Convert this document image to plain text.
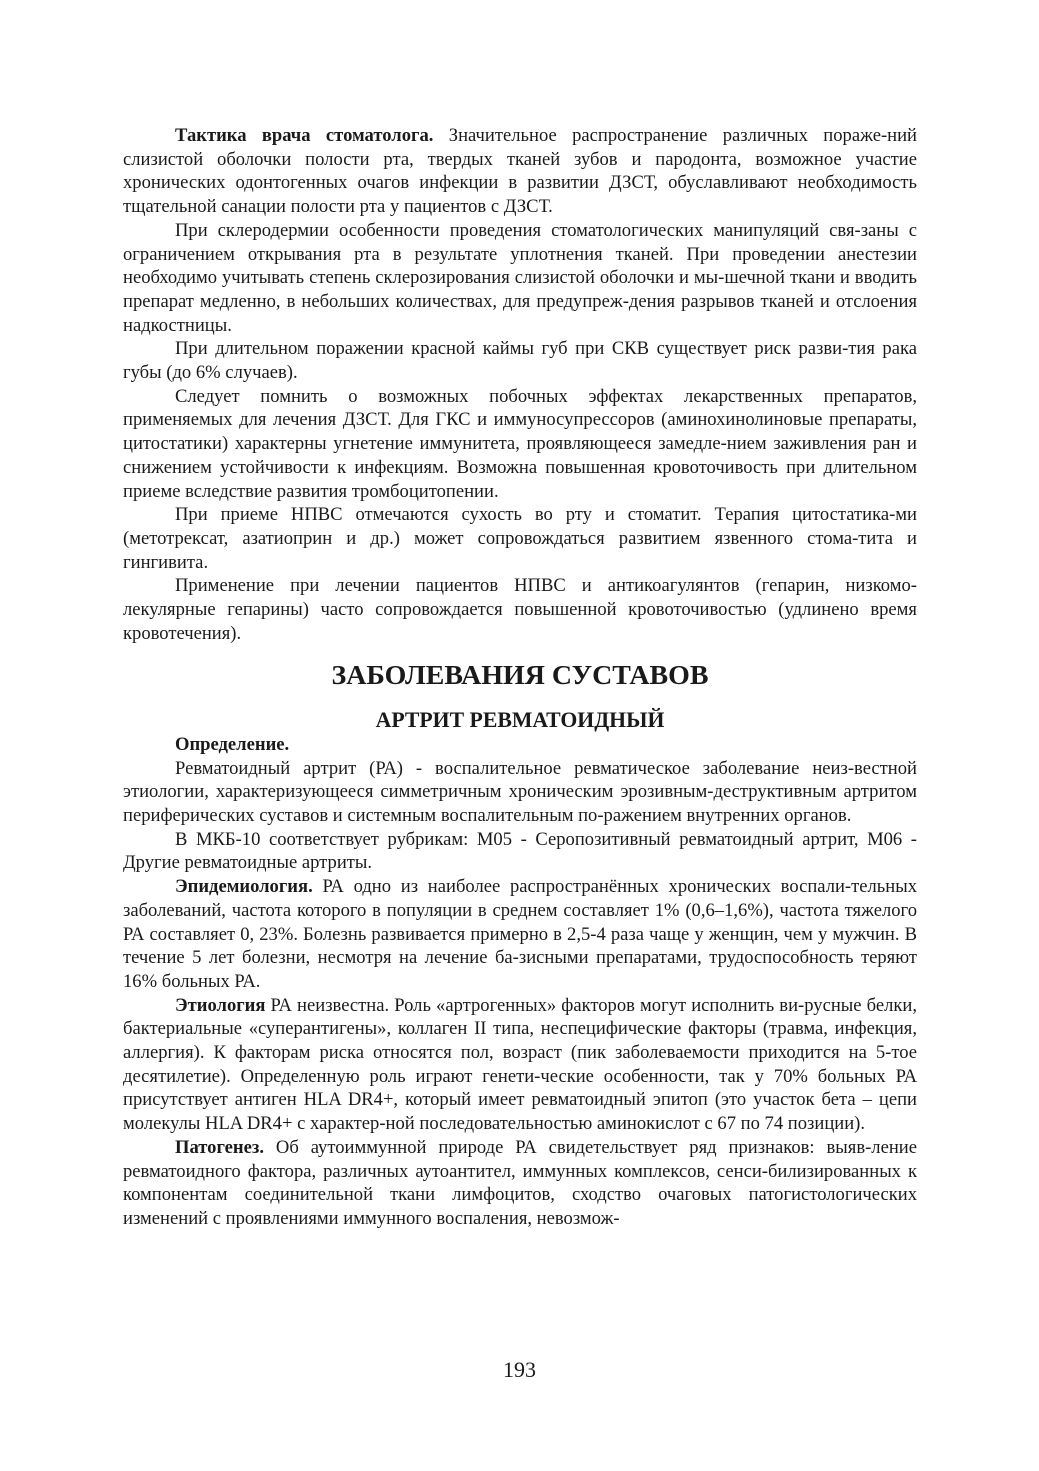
Тактика врача стоматолога. Значительное распространение различных пораже-ний слизистой оболочки полости рта, твердых тканей зубов и пародонта, возможное участие хронических одонтогенных очагов инфекции в развитии ДЗСТ, обуславливают необходимость тщательной санации полости рта у пациентов с ДЗСТ.

При склеродермии особенности проведения стоматологических манипуляций свя-заны с ограничением открывания рта в результате уплотнения тканей. При проведении анестезии необходимо учитывать степень склерозирования слизистой оболочки и мы-шечной ткани и вводить препарат медленно, в небольших количествах, для предупреж-дения разрывов тканей и отслоения надкостницы.

При длительном поражении красной каймы губ при СКВ существует риск разви-тия рака губы (до 6% случаев).

Следует помнить о возможных побочных эффектах лекарственных препаратов, применяемых для лечения ДЗСТ. Для ГКС и иммуносупрессоров (аминохинолиновые препараты, цитостатики) характерны угнетение иммунитета, проявляющееся замедле-нием заживления ран и снижением устойчивости к инфекциям. Возможна повышенная кровоточивость при длительном приеме вследствие развития тромбоцитопении.

При приеме НПВС отмечаются сухость во рту и стоматит. Терапия цитостатика-ми (метотрексат, азатиоприн и др.) может сопровождаться развитием язвенного стома-тита и гингивита.

Применение при лечении пациентов НПВС и антикоагулянтов (гепарин, низкомо-лекулярные гепарины) часто сопровождается повышенной кровоточивостью (удлинено время кровотечения).

ЗАБОЛЕВАНИЯ СУСТАВОВ
АРТРИТ РЕВМАТОИДНЫЙ

Определение.

Ревматоидный артрит (РА) - воспалительное ревматическое заболевание неиз-вестной этиологии, характеризующееся симметричным хроническим эрозивным-деструктивным артритом периферических суставов и системным воспалительным по-ражением внутренних органов.

В МКБ-10 соответствует рубрикам: М05 - Серопозитивный ревматоидный артрит, М06 - Другие ревматоидные артриты.

Эпидемиология. РА одно из наиболее распространённых хронических воспали-тельных заболеваний, частота которого в популяции в среднем составляет 1% (0,6–1,6%), частота тяжелого РА составляет 0, 23%. Болезнь развивается примерно в 2,5-4 раза чаще у женщин, чем у мужчин. В течение 5 лет болезни, несмотря на лечение ба-зисными препаратами, трудоспособность теряют 16% больных РА.

Этиология РА неизвестна. Роль «артрогенных» факторов могут исполнить ви-русные белки, бактериальные «суперантигены», коллаген II типа, неспецифические факторы (травма, инфекция, аллергия). К факторам риска относятся пол, возраст (пик заболеваемости приходится на 5-тое десятилетие). Определенную роль играют генети-ческие особенности, так у 70% больных РА присутствует антиген HLA DR4+, который имеет ревматоидный эпитоп (это участок бета – цепи молекулы HLA DR4+ с характер-ной последовательностью аминокислот с 67 по 74 позиции).

Патогенез. Об аутоиммунной природе РА свидетельствует ряд признаков: выяв-ление ревматоидного фактора, различных аутоантител, иммунных комплексов, сенси-билизированных к компонентам соединительной ткани лимфоцитов, сходство очаговых патогистологических изменений с проявлениями иммунного воспаления, невозмож-

193
